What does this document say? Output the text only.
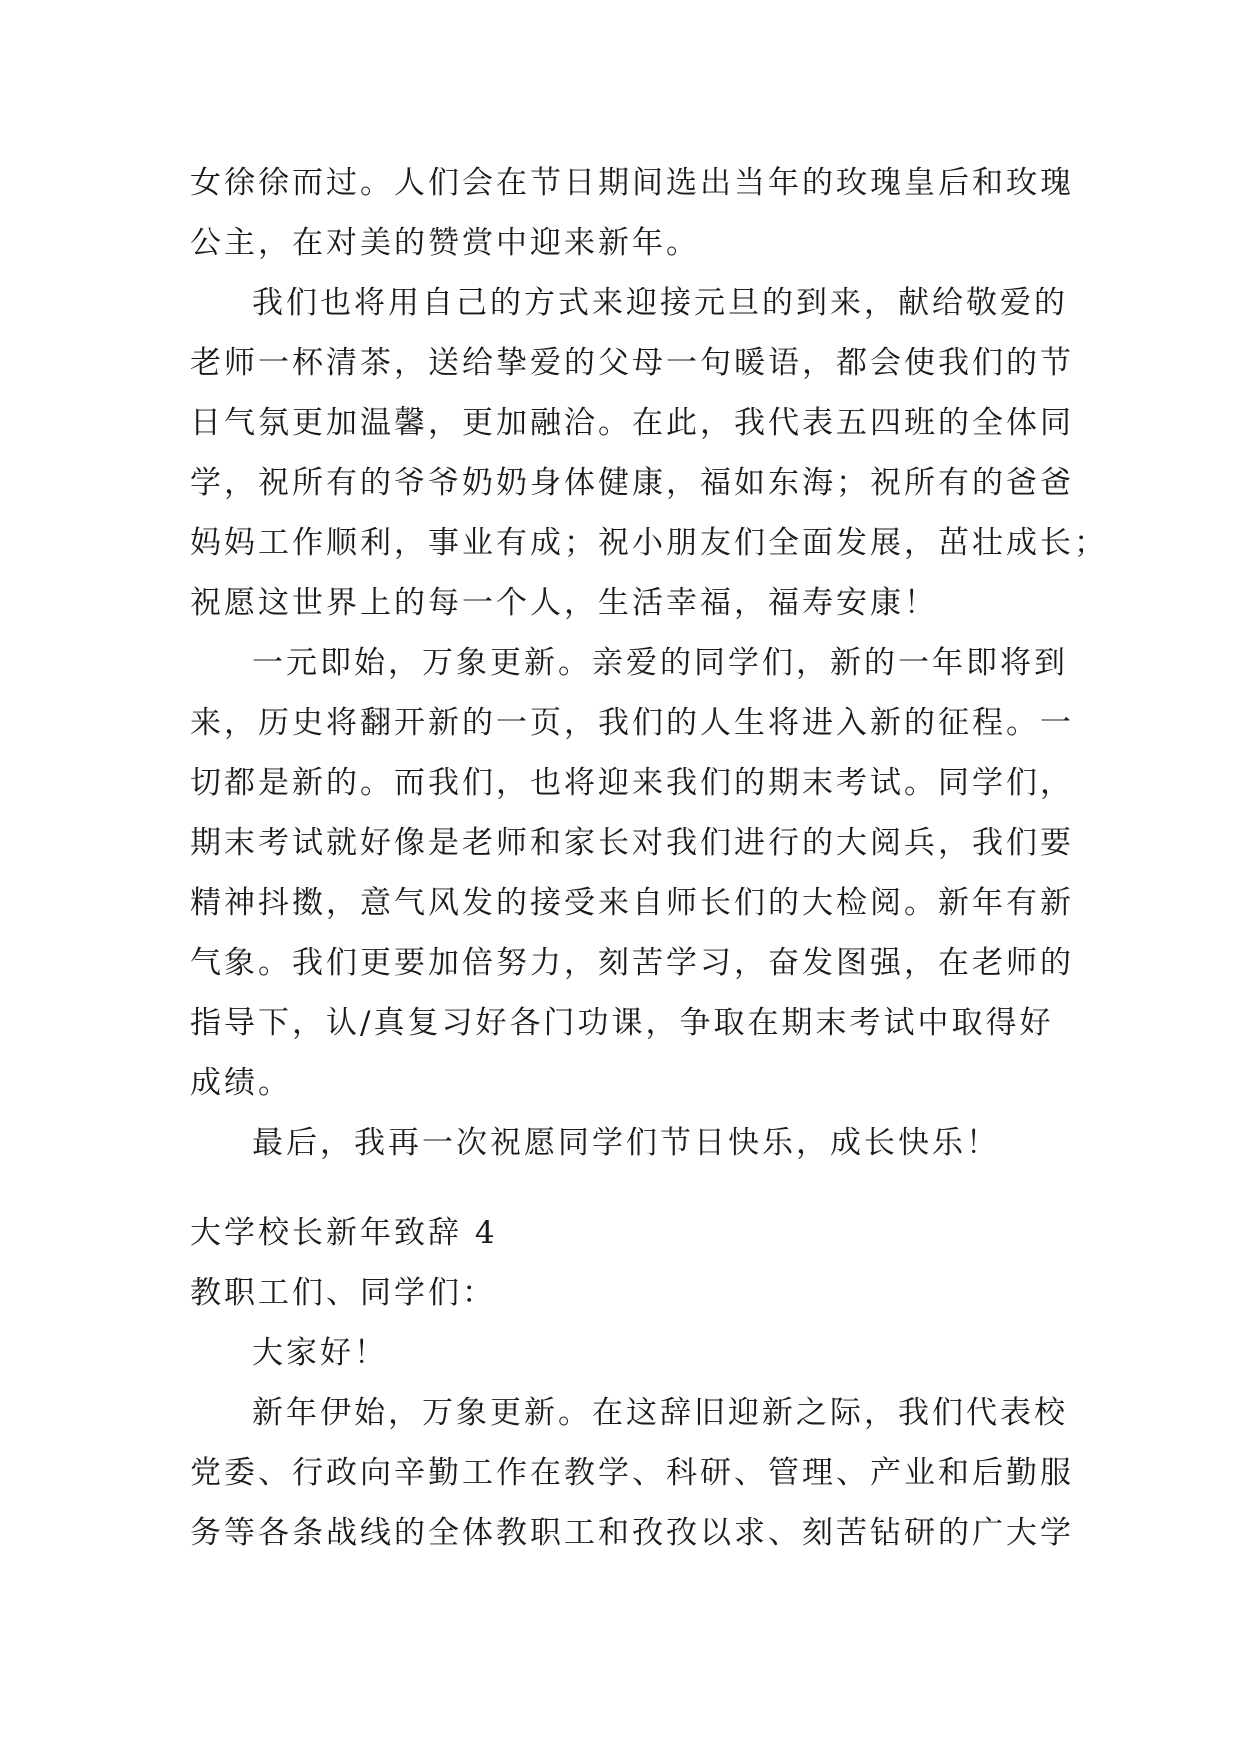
女徐徐而过。人们会在节日期间选出当年的玫瑰皇后和玫瑰
公主，在对美的赞赏中迎来新年。
我们也将用自己的方式来迎接元旦的到来，献给敬爱的
老师一杯清茶，送给挚爱的父母一句暖语，都会使我们的节
日气氛更加温馨，更加融洽。在此，我代表五四班的全体同
学，祝所有的爷爷奶奶身体健康，福如东海；祝所有的爸爸
妈妈工作顺利，事业有成；祝小朋友们全面发展，茁壮成长；
祝愿这世界上的每一个人，生活幸福，福寿安康！
一元即始，万象更新。亲爱的同学们，新的一年即将到
来，历史将翻开新的一页，我们的人生将进入新的征程。一
切都是新的。而我们，也将迎来我们的期末考试。同学们，
期末考试就好像是老师和家长对我们进行的大阅兵，我们要
精神抖擞，意气风发的接受来自师长们的大检阅。新年有新
气象。我们更要加倍努力，刻苦学习，奋发图强，在老师的
指导下，认/真复习好各门功课，争取在期末考试中取得好
成绩。
最后，我再一次祝愿同学们节日快乐，成长快乐！
大学校长新年致辞 4
教职工们、同学们：
大家好！
新年伊始，万象更新。在这辞旧迎新之际，我们代表校
党委、行政向辛勤工作在教学、科研、管理、产业和后勤服
务等各条战线的全体教职工和孜孜以求、刻苦钻研的广大学
